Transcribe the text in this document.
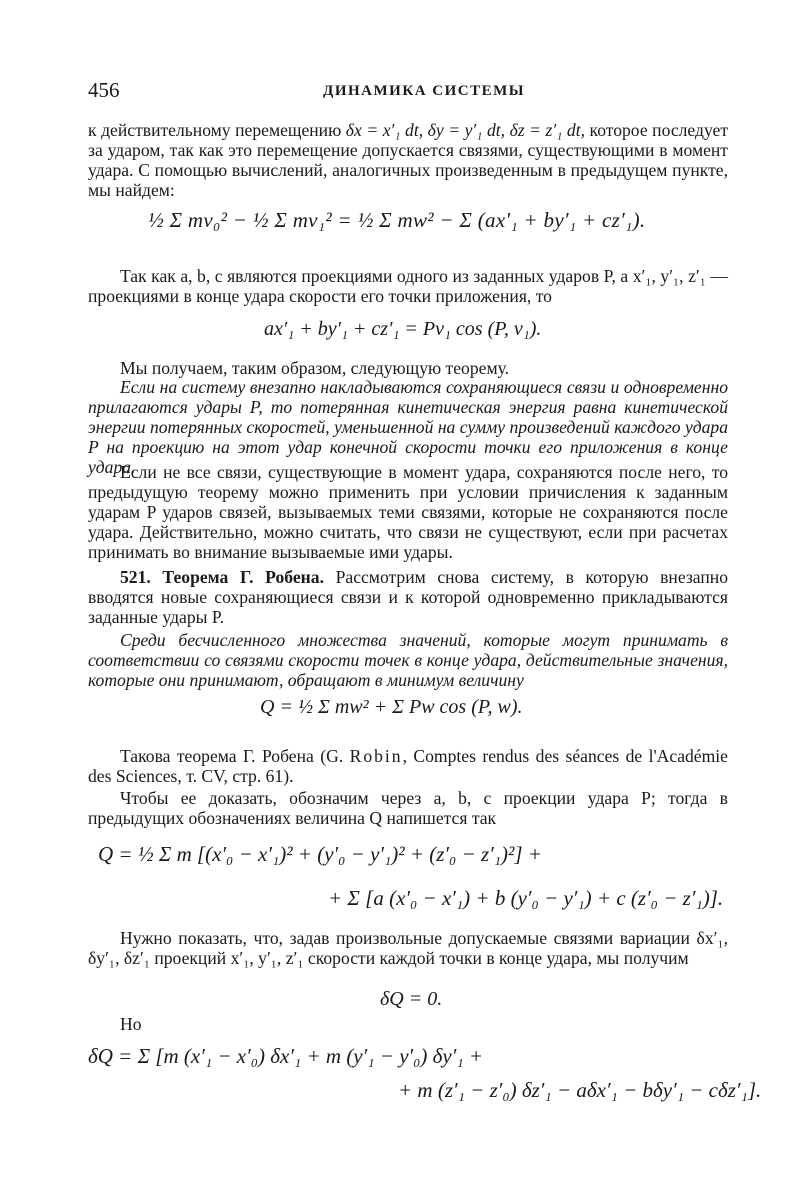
456	ДИНАМИКА СИСТЕМЫ

к действительному перемещению δx = x′₁ dt, δy = y′₁ dt, δz = z′₁ dt, которое последует за ударом, так как это перемещение допускается связями, существующими в момент удара. С помощью вычислений, аналогичных произведенным в предыдущем пункте, мы найдем:

½ Σ mv₀² − ½ Σ mv₁² = ½ Σ mw² − Σ (ax′₁ + by′₁ + cz′₁).

Так как a, b, c являются проекциями одного из заданных ударов P, а x′₁, y′₁, z′₁ — проекциями в конце удара скорости его точки приложения, то

ax′₁ + by′₁ + cz′₁ = Pv₁ cos (P, v₁).

Мы получаем, таким образом, следующую теорему.

Если на систему внезапно накладываются сохраняющиеся связи и одновременно прилагаются удары P, то потерянная кинетическая энергия равна кинетической энергии потерянных скоростей, уменьшенной на сумму произведений каждого удара P на проекцию на этот удар конечной скорости точки его приложения в конце удара.

Если не все связи, существующие в момент удара, сохраняются после него, то предыдущую теорему можно применить при условии причисления к заданным ударам P ударов связей, вызываемых теми связями, которые не сохраняются после удара. Действительно, можно считать, что связи не существуют, если при расчетах принимать во внимание вызываемые ими удары.

521. Теорема Г. Робена. Рассмотрим снова систему, в которую внезапно вводятся новые сохраняющиеся связи и к которой одновременно прикладываются заданные удары P.

Среди бесчисленного множества значений, которые могут принимать в соответствии со связями скорости точек в конце удара, действительные значения, которые они принимают, обращают в минимум величину

Q = ½ Σ mw² + Σ Pw cos (P, w).

Такова теорема Г. Робена (G. Robin, Comptes rendus des séances de l'Académie des Sciences, т. CV, стр. 61).

Чтобы ее доказать, обозначим через a, b, c проекции удара P; тогда в предыдущих обозначениях величина Q напишется так

Q = ½ Σ m [(x′₀ − x′₁)² + (y′₀ − y′₁)² + (z′₀ − z′₁)²] +
+ Σ [a (x′₀ − x′₁) + b (y′₀ − y′₁) + c (z′₀ − z′₁)].

Нужно показать, что, задав произвольные допускаемые связями вариации δx′₁, δy′₁, δz′₁ проекций x′₁, y′₁, z′₁ скорости каждой точки в конце удара, мы получим

δQ = 0.

Но

δQ = Σ [m (x′₁ − x′₀) δx′₁ + m (y′₁ − y′₀) δy′₁ +
+ m (z′₁ − z′₀) δz′₁ − aδx′₁ − bδy′₁ − cδz′₁].
